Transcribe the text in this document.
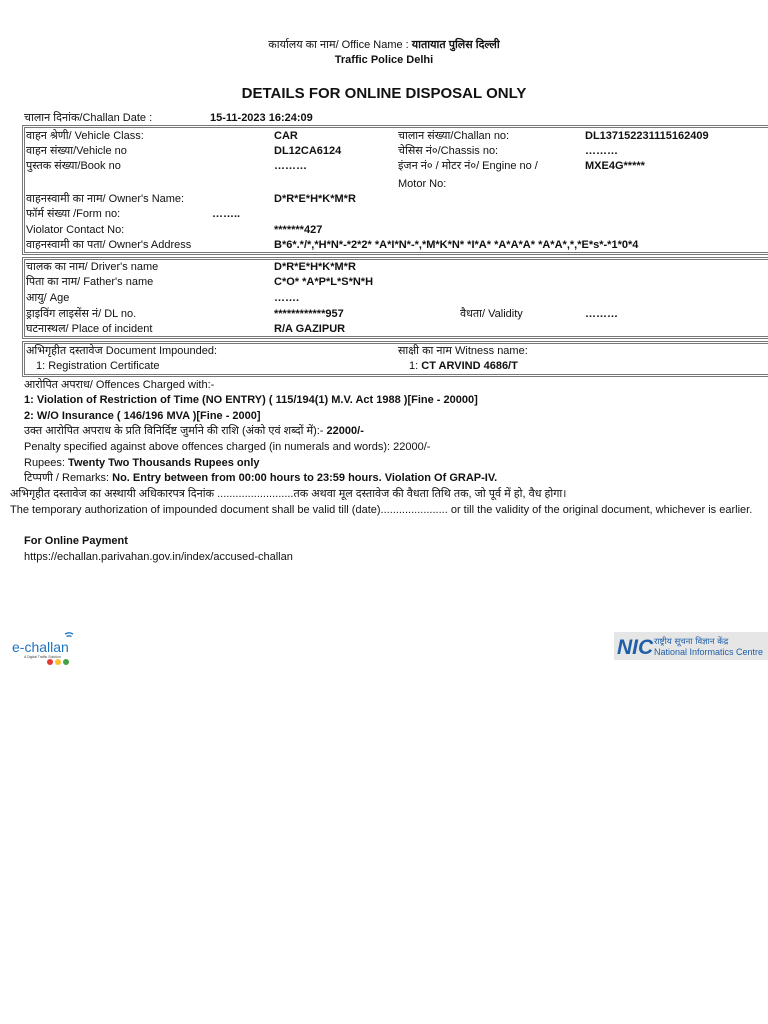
कार्यालय का नाम/ Office Name : यातायात पुलिस दिल्ली
Traffic Police Delhi
DETAILS FOR ONLINE DISPOSAL ONLY
चालान दिनांक/Challan Date :	15-11-2023 16:24:09
वाहन श्रेणी/ Vehicle Class:	CAR	चालान संख्या/Challan no:	DL137152231115162409
वाहन संख्या/Vehicle no	DL12CA6124	चेसिस नं०/Chassis no:	………
पुस्तक संख्या/Book no	………	इंजन नं० / मोटर नं०/ Engine no /	MXE4G*****
Motor No:
वाहनस्वामी का नाम/ Owner's Name:	D*R*E*H*K*M*R
फॉर्म संख्या /Form no:	……..
Violator Contact No:	*******427
वाहनस्वामी का पता/ Owner's Address	B*6*.*/*,*H*N*-*2*2* *A*I*N*-*,*M*K*N* *I*A* *A*A*A* *A*A*,*,*E*s*-*1*0*4
चालक का नाम/ Driver's name	D*R*E*H*K*M*R
पिता का नाम/ Father's name	C*O* *A*P*L*S*N*H
आयु/ Age	…….
ड्राइविंग लाइसेंस नं/ DL no.	************957	वैधता/ Validity	………
घटनास्थल/ Place of incident	R/A GAZIPUR
अभिगृहीत दस्तावेज Document Impounded:	साक्षी का नाम Witness name:
1: Registration Certificate	1: CT ARVIND 4686/T
आरोपित अपराध/ Offences Charged with:-
1: Violation of Restriction of Time (NO ENTRY) ( 115/194(1) M.V. Act 1988 )[Fine - 20000]
2: W/O Insurance ( 146/196 MVA )[Fine - 2000]
उक्त आरोपित अपराध के प्रति विनिर्दिष्ट जुर्माने की राशि (अंको एवं शब्दों में):- 22000/-
Penalty specified against above offences charged (in numerals and words): 22000/-
Rupees: Twenty Two Thousands Rupees only
टिप्पणी / Remarks: No. Entry between from 00:00 hours to 23:59 hours. Violation Of GRAP-IV.
अभिगृहीत दस्तावेज का अस्थायी अधिकारपत्र दिनांक .........................तक अथवा मूल दस्तावेज की वैधता तिथि तक, जो पूर्व में हो, वैध होगा।
The temporary authorization of impounded document shall be valid till (date)...................... or till the validity of the original document, whichever is earlier.
For Online Payment
https://echallan.parivahan.gov.in/index/accused-challan
e-challan
A Digital Traffic Solution	NIC राष्ट्रीय सूचना विज्ञान केंद्र
National Informatics Centre
